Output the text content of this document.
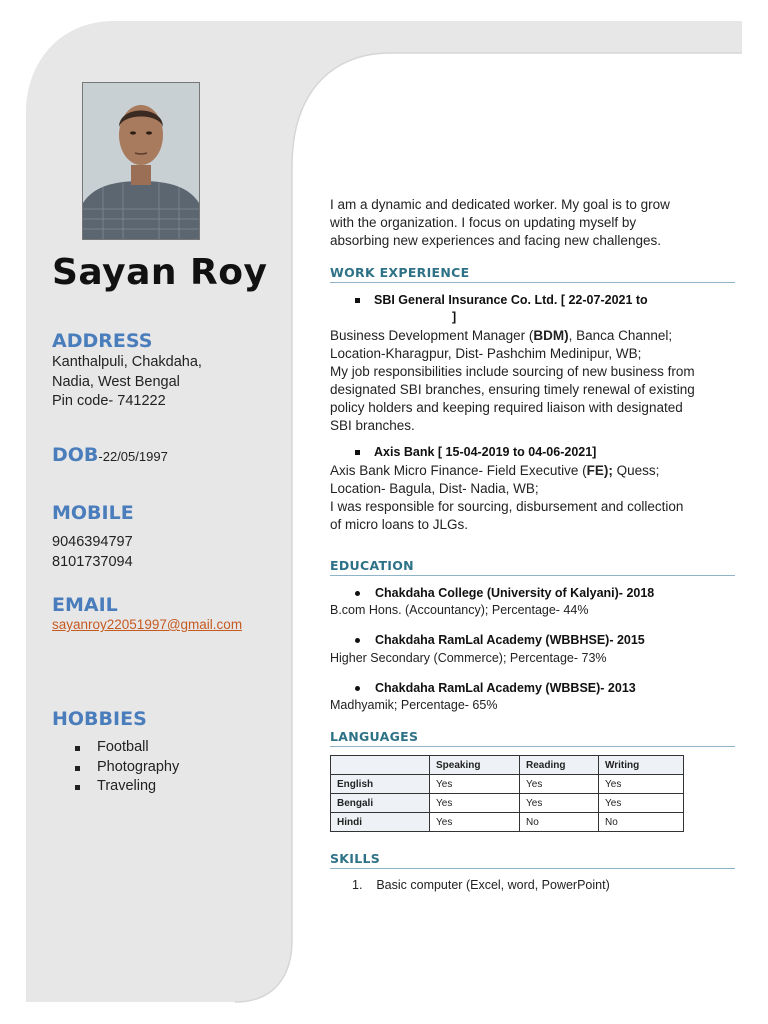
Sayan Roy
ADDRESS
Kanthalpuli, Chakdaha,
Nadia, West Bengal
Pin code- 741222
DOB-22/05/1997
MOBILE
9046394797
8101737094
EMAIL
sayanroy22051997@gmail.com
HOBBIES
Football
Photography
Traveling
I am a dynamic and dedicated worker. My goal is to grow
with the organization. I focus on updating myself by
absorbing new experiences and facing new challenges.
WORK EXPERIENCE
SBI General Insurance Co. Ltd. [ 22-07-2021 to
]
Business Development Manager (BDM), Banca Channel;
Location-Kharagpur, Dist- Pashchim Medinipur, WB;
My job responsibilities include sourcing of new business from
designated SBI branches, ensuring timely renewal of existing
policy holders and keeping required liaison with designated
SBI branches.
Axis Bank [ 15-04-2019 to 04-06-2021]
Axis Bank Micro Finance- Field Executive (FE); Quess;
Location- Bagula, Dist- Nadia, WB;
I was responsible for sourcing, disbursement and collection
of micro loans to JLGs.
EDUCATION
Chakdaha College (University of Kalyani)- 2018
B.com Hons. (Accountancy); Percentage- 44%
Chakdaha RamLal Academy (WBBHSE)- 2015
Higher Secondary (Commerce); Percentage- 73%
Chakdaha RamLal Academy (WBBSE)- 2013
Madhyamik; Percentage- 65%
LANGUAGES
	Speaking	Reading	Writing
English	Yes	Yes	Yes
Bengali	Yes	Yes	Yes
Hindi	Yes	No	No
SKILLS
1.    Basic computer (Excel, word, PowerPoint)
